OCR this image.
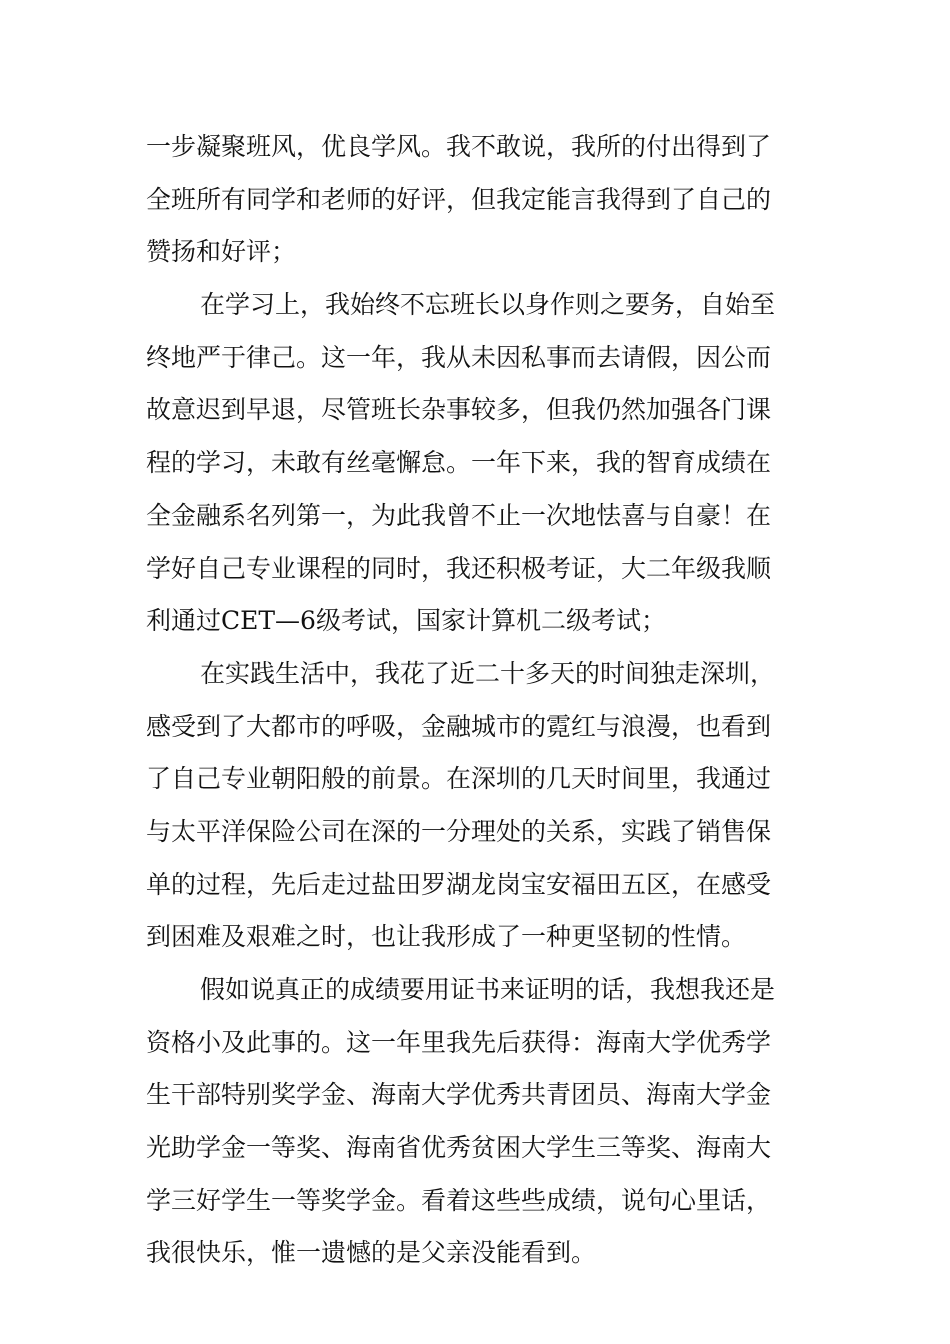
一步凝聚班风，优良学风。我不敢说，我所的付出得到了
全班所有同学和老师的好评，但我定能言我得到了自己的
赞扬和好评；
在学习上，我始终不忘班长以身作则之要务，自始至
终地严于律己。这一年，我从未因私事而去请假，因公而
故意迟到早退，尽管班长杂事较多，但我仍然加强各门课
程的学习，未敢有丝毫懈怠。一年下来，我的智育成绩在
全金融系名列第一，为此我曾不止一次地怯喜与自豪！在
学好自己专业课程的同时，我还积极考证，大二年级我顺
利通过CET—6级考试，国家计算机二级考试；
在实践生活中，我花了近二十多天的时间独走深圳，
感受到了大都市的呼吸，金融城市的霓红与浪漫，也看到
了自己专业朝阳般的前景。在深圳的几天时间里，我通过
与太平洋保险公司在深的一分理处的关系，实践了销售保
单的过程，先后走过盐田罗湖龙岗宝安福田五区，在感受
到困难及艰难之时，也让我形成了一种更坚韧的性情。
假如说真正的成绩要用证书来证明的话，我想我还是
资格小及此事的。这一年里我先后获得：海南大学优秀学
生干部特别奖学金、海南大学优秀共青团员、海南大学金
光助学金一等奖、海南省优秀贫困大学生三等奖、海南大
学三好学生一等奖学金。看着这些些成绩，说句心里话，
我很快乐，惟一遗憾的是父亲没能看到。
